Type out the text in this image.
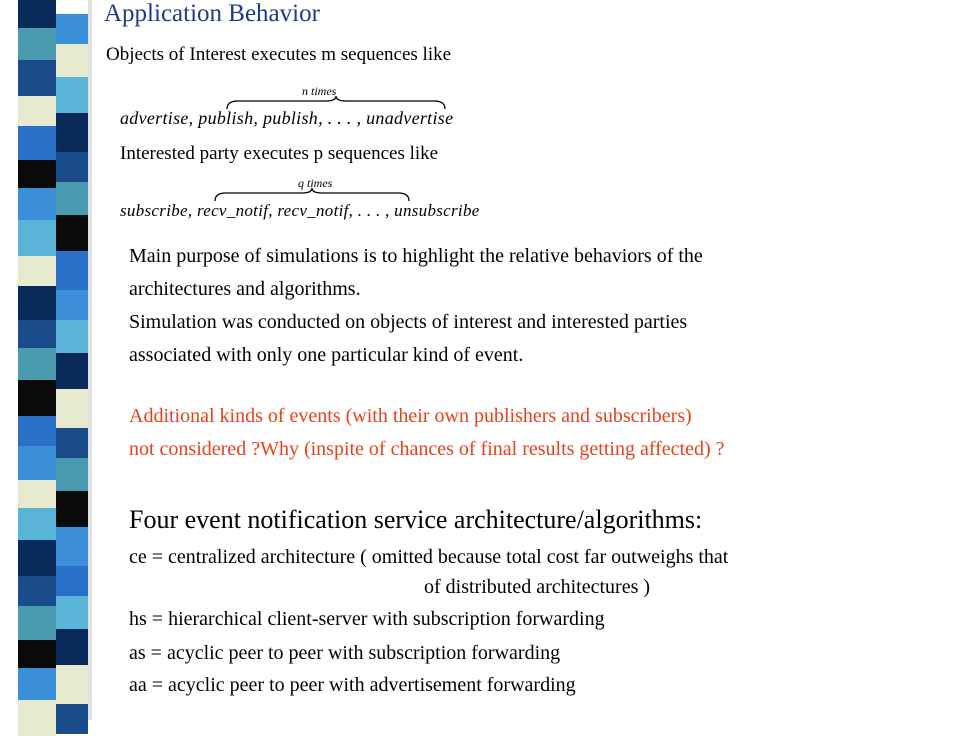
Application Behavior
Objects of Interest executes m sequences like
n times
advertise, publish, publish, . . . , unadvertise
Interested party executes p sequences like
q times
subscribe, recv_notif, recv_notif, . . . , unsubscribe
Main purpose of simulations is to highlight the relative behaviors of the
architectures and algorithms.
Simulation was conducted on objects of interest and interested parties
associated with only one particular kind of event.
Additional kinds of events (with their own publishers and subscribers)
not considered ?Why (inspite of chances of final results getting affected) ?
Four event notification service architecture/algorithms:
ce = centralized architecture ( omitted because total cost far outweighs that
of distributed architectures )
hs = hierarchical client-server with subscription forwarding
as = acyclic peer to peer with subscription forwarding
aa = acyclic peer to peer with advertisement forwarding
